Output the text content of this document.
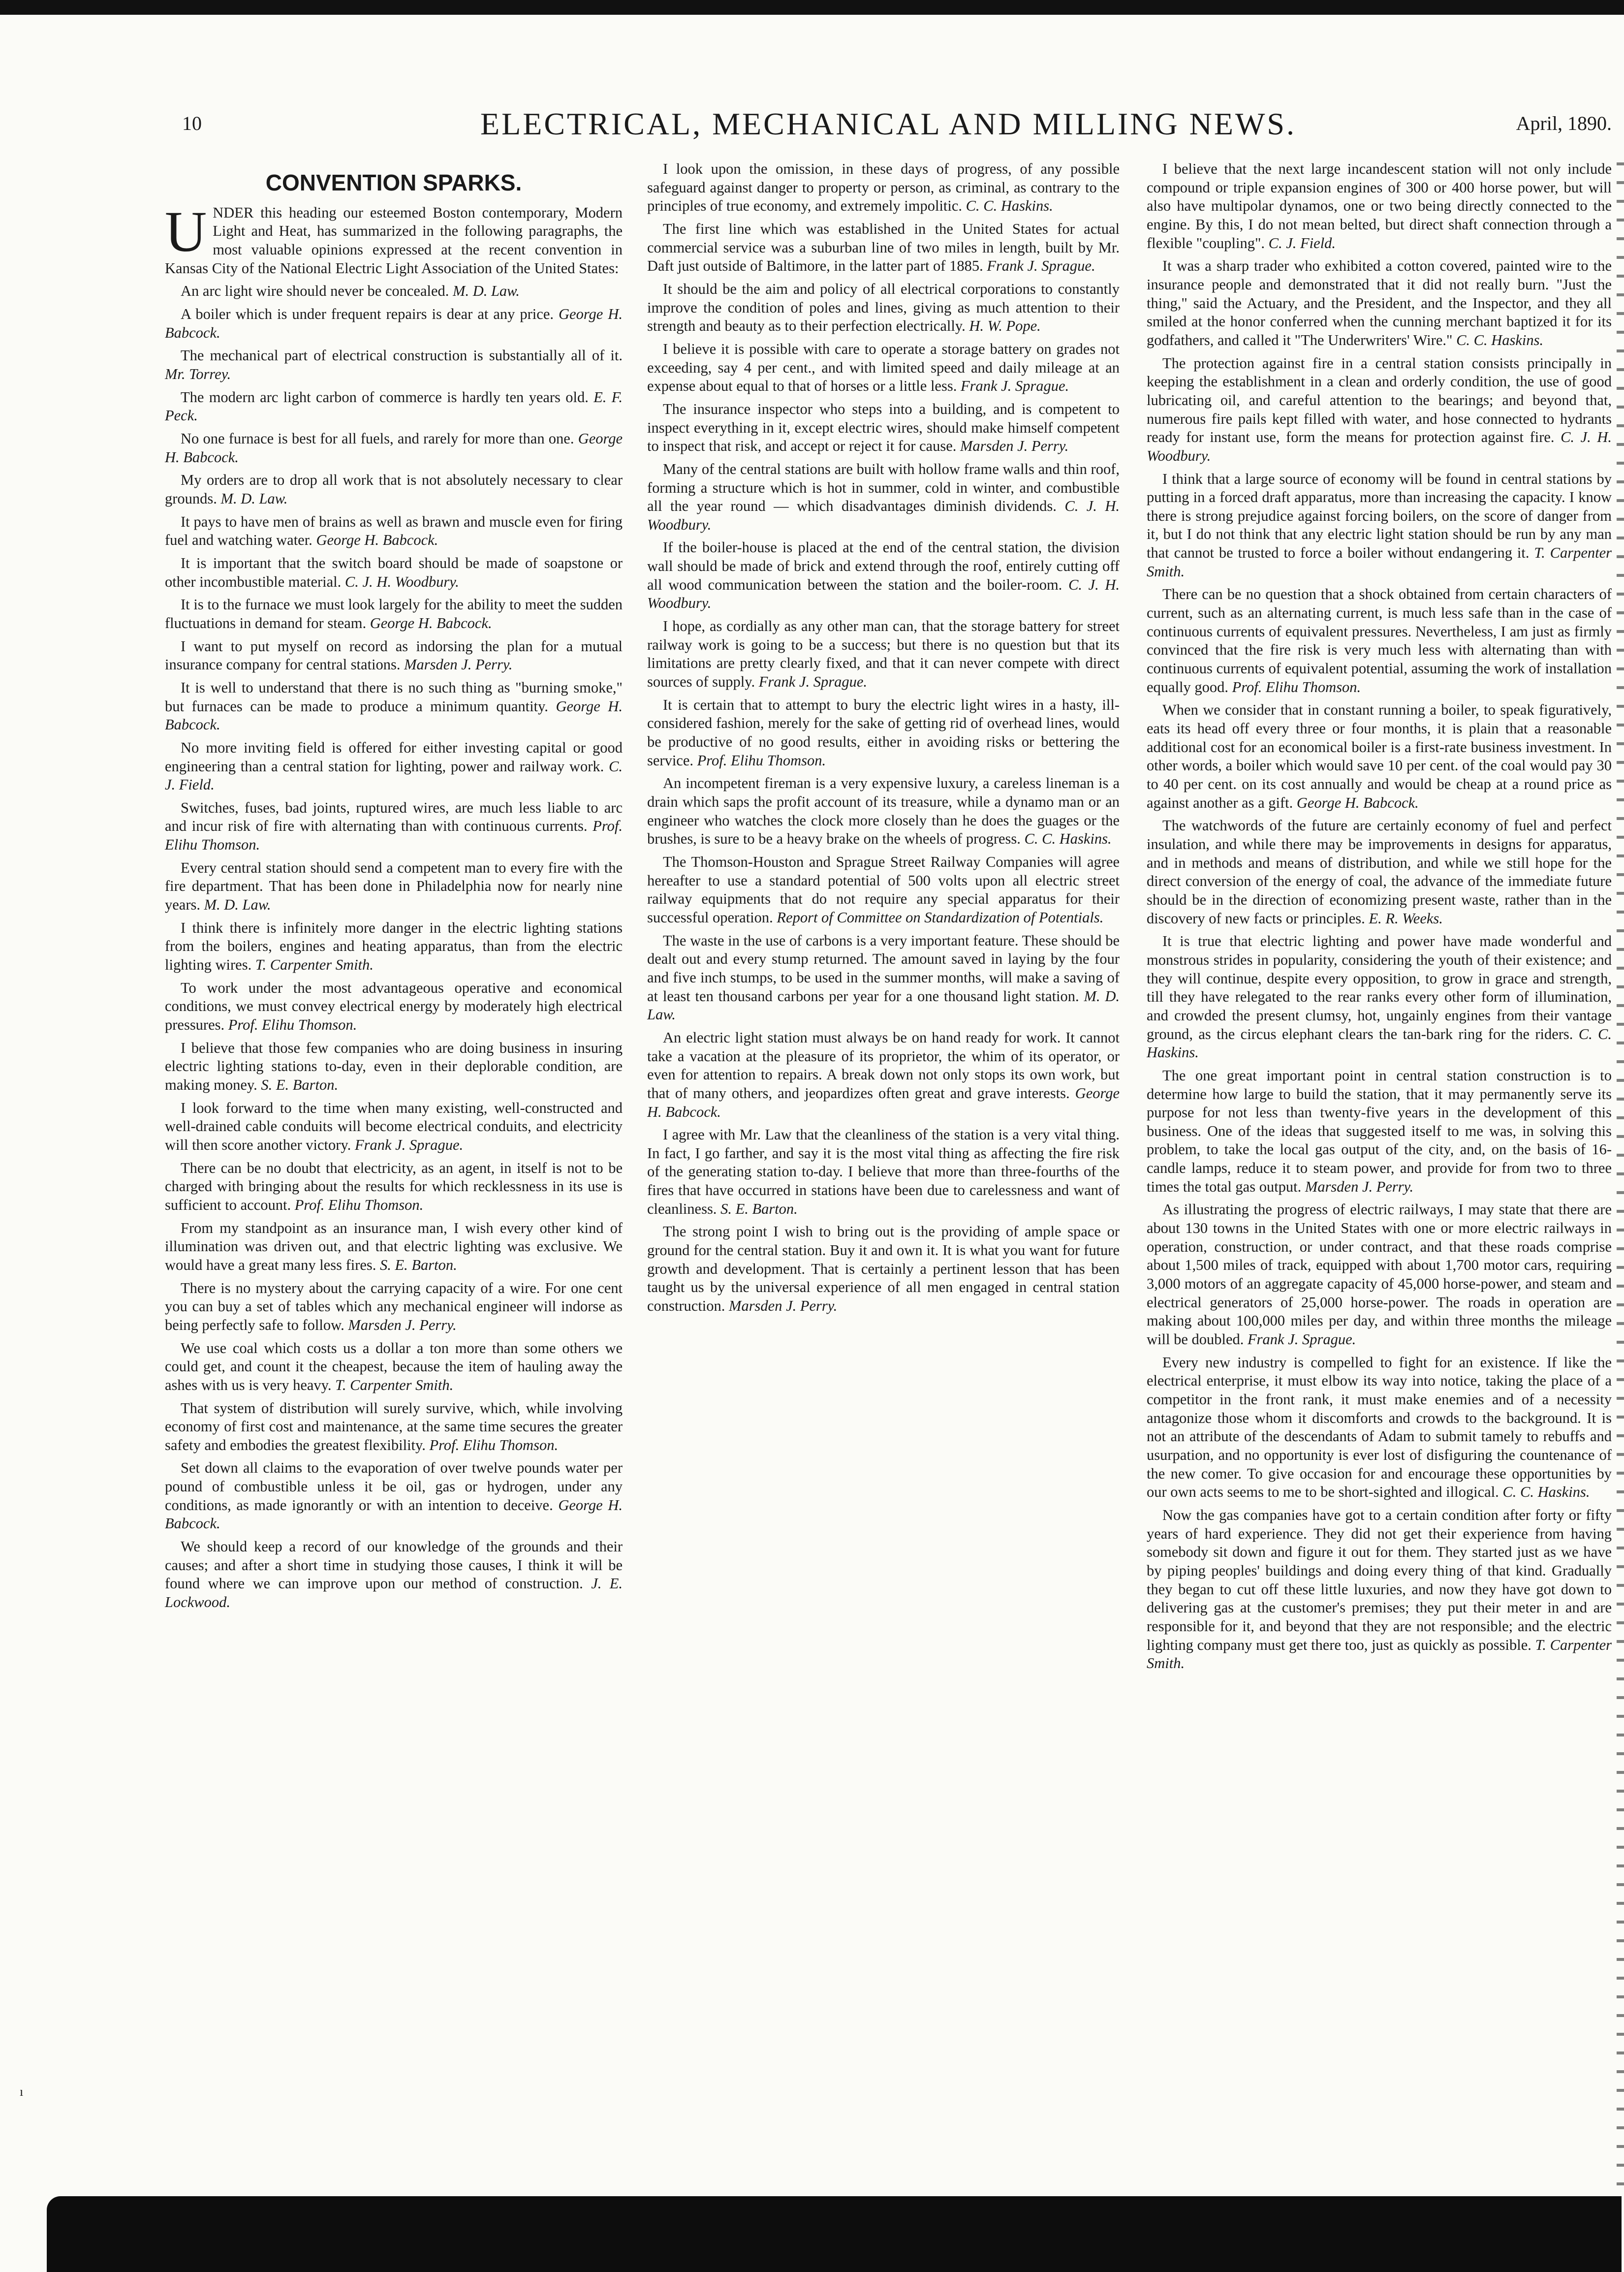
10	ELECTRICAL, MECHANICAL AND MILLING NEWS.	April, 1890.
CONVENTION SPARKS.

UNDER this heading our esteemed Boston contemporary, Modern Light and Heat, has summarized in the following paragraphs, the most valuable opinions expressed at the recent convention in Kansas City of the National Electric Light Association of the United States:

An arc light wire should never be concealed. M. D. Law.

A boiler which is under frequent repairs is dear at any price. George H. Babcock.

The mechanical part of electrical construction is substantially all of it. Mr. Torrey.

The modern arc light carbon of commerce is hardly ten years old. E. F. Peck.

No one furnace is best for all fuels, and rarely for more than one. George H. Babcock.

My orders are to drop all work that is not absolutely necessary to clear grounds. M. D. Law.

It pays to have men of brains as well as brawn and muscle even for firing fuel and watching water. George H. Babcock.

It is important that the switch board should be made of soapstone or other incombustible material. C. J. H. Woodbury.

It is to the furnace we must look largely for the ability to meet the sudden fluctuations in demand for steam. George H. Babcock.

I want to put myself on record as indorsing the plan for a mutual insurance company for central stations. Marsden J. Perry.

It is well to understand that there is no such thing as "burning smoke," but furnaces can be made to produce a minimum quantity. George H. Babcock.

No more inviting field is offered for either investing capital or good engineering than a central station for lighting, power and railway work. C. J. Field.

Switches, fuses, bad joints, ruptured wires, are much less liable to arc and incur risk of fire with alternating than with continuous currents. Prof. Elihu Thomson.

Every central station should send a competent man to every fire with the fire department. That has been done in Philadelphia now for nearly nine years. M. D. Law.

I think there is infinitely more danger in the electric lighting stations from the boilers, engines and heating apparatus, than from the electric lighting wires. T. Carpenter Smith.

To work under the most advantageous operative and economical conditions, we must convey electrical energy by moderately high electrical pressures. Prof. Elihu Thomson.

I believe that those few companies who are doing business in insuring electric lighting stations to-day, even in their deplorable condition, are making money. S. E. Barton.

I look forward to the time when many existing, well-constructed and well-drained cable conduits will become electrical conduits, and electricity will then score another victory. Frank J. Sprague.

There can be no doubt that electricity, as an agent, in itself is not to be charged with bringing about the results for which recklessness in its use is sufficient to account. Prof. Elihu Thomson.

From my standpoint as an insurance man, I wish every other kind of illumination was driven out, and that electric lighting was exclusive. We would have a great many less fires. S. E. Barton.

There is no mystery about the carrying capacity of a wire. For one cent you can buy a set of tables which any mechanical engineer will indorse as being perfectly safe to follow. Marsden J. Perry.

We use coal which costs us a dollar a ton more than some others we could get, and count it the cheapest, because the item of hauling away the ashes with us is very heavy. T. Carpenter Smith.

That system of distribution will surely survive, which, while involving economy of first cost and maintenance, at the same time secures the greater safety and embodies the greatest flexibility. Prof. Elihu Thomson.

Set down all claims to the evaporation of over twelve pounds water per pound of combustible unless it be oil, gas or hydrogen, under any conditions, as made ignorantly or with an intention to deceive. George H. Babcock.

We should keep a record of our knowledge of the grounds and their causes; and after a short time in studying those causes, I think it will be found where we can improve upon our method of construction. J. E. Lockwood.

I look upon the omission, in these days of progress, of any possible safeguard against danger to property or person, as criminal, as contrary to the principles of true economy, and extremely impolitic. C. C. Haskins.

The first line which was established in the United States for actual commercial service was a suburban line of two miles in length, built by Mr. Daft just outside of Baltimore, in the latter part of 1885. Frank J. Sprague.

It should be the aim and policy of all electrical corporations to constantly improve the condition of poles and lines, giving as much attention to their strength and beauty as to their perfection electrically. H. W. Pope.

I believe it is possible with care to operate a storage battery on grades not exceeding, say 4 per cent., and with limited speed and daily mileage at an expense about equal to that of horses or a little less. Frank J. Sprague.

The insurance inspector who steps into a building, and is competent to inspect everything in it, except electric wires, should make himself competent to inspect that risk, and accept or reject it for cause. Marsden J. Perry.

Many of the central stations are built with hollow frame walls and thin roof, forming a structure which is hot in summer, cold in winter, and combustible all the year round — which disadvantages diminish dividends. C. J. H. Woodbury.

If the boiler-house is placed at the end of the central station, the division wall should be made of brick and extend through the roof, entirely cutting off all wood communication between the station and the boiler-room. C. J. H. Woodbury.

I hope, as cordially as any other man can, that the storage battery for street railway work is going to be a success; but there is no question but that its limitations are pretty clearly fixed, and that it can never compete with direct sources of supply. Frank J. Sprague.

It is certain that to attempt to bury the electric light wires in a hasty, ill-considered fashion, merely for the sake of getting rid of overhead lines, would be productive of no good results, either in avoiding risks or bettering the service. Prof. Elihu Thomson.

An incompetent fireman is a very expensive luxury, a careless lineman is a drain which saps the profit account of its treasure, while a dynamo man or an engineer who watches the clock more closely than he does the guages or the brushes, is sure to be a heavy brake on the wheels of progress. C. C. Haskins.

The Thomson-Houston and Sprague Street Railway Companies will agree hereafter to use a standard potential of 500 volts upon all electric street railway equipments that do not require any special apparatus for their successful operation. Report of Committee on Standardization of Potentials.

The waste in the use of carbons is a very important feature. These should be dealt out and every stump returned. The amount saved in laying by the four and five inch stumps, to be used in the summer months, will make a saving of at least ten thousand carbons per year for a one thousand light station. M. D. Law.

An electric light station must always be on hand ready for work. It cannot take a vacation at the pleasure of its proprietor, the whim of its operator, or even for attention to repairs. A break down not only stops its own work, but that of many others, and jeopardizes often great and grave interests. George H. Babcock.

I agree with Mr. Law that the cleanliness of the station is a very vital thing. In fact, I go farther, and say it is the most vital thing as affecting the fire risk of the generating station to-day. I believe that more than three-fourths of the fires that have occurred in stations have been due to carelessness and want of cleanliness. S. E. Barton.

The strong point I wish to bring out is the providing of ample space or ground for the central station. Buy it and own it. It is what you want for future growth and development. That is certainly a pertinent lesson that has been taught us by the universal experience of all men engaged in central station construction. Marsden J. Perry.

I believe that the next large incandescent station will not only include compound or triple expansion engines of 300 or 400 horse power, but will also have multipolar dynamos, one or two being directly connected to the engine. By this, I do not mean belted, but direct shaft connection through a flexible "coupling". C. J. Field.

It was a sharp trader who exhibited a cotton covered, painted wire to the insurance people and demonstrated that it did not really burn. "Just the thing," said the Actuary, and the President, and the Inspector, and they all smiled at the honor conferred when the cunning merchant baptized it for its godfathers, and called it "The Underwriters' Wire." C. C. Haskins.

The protection against fire in a central station consists principally in keeping the establishment in a clean and orderly condition, the use of good lubricating oil, and careful attention to the bearings; and beyond that, numerous fire pails kept filled with water, and hose connected to hydrants ready for instant use, form the means for protection against fire. C. J. H. Woodbury.

I think that a large source of economy will be found in central stations by putting in a forced draft apparatus, more than increasing the capacity. I know there is strong prejudice against forcing boilers, on the score of danger from it, but I do not think that any electric light station should be run by any man that cannot be trusted to force a boiler without endangering it. T. Carpenter Smith.

There can be no question that a shock obtained from certain characters of current, such as an alternating current, is much less safe than in the case of continuous currents of equivalent pressures. Nevertheless, I am just as firmly convinced that the fire risk is very much less with alternating than with continuous currents of equivalent potential, assuming the work of installation equally good. Prof. Elihu Thomson.

When we consider that in constant running a boiler, to speak figuratively, eats its head off every three or four months, it is plain that a reasonable additional cost for an economical boiler is a first-rate business investment. In other words, a boiler which would save 10 per cent. of the coal would pay 30 to 40 per cent. on its cost annually and would be cheap at a round price as against another as a gift. George H. Babcock.

The watchwords of the future are certainly economy of fuel and perfect insulation, and while there may be improvements in designs for apparatus, and in methods and means of distribution, and while we still hope for the direct conversion of the energy of coal, the advance of the immediate future should be in the direction of economizing present waste, rather than in the discovery of new facts or principles. E. R. Weeks.

It is true that electric lighting and power have made wonderful and monstrous strides in popularity, considering the youth of their existence; and they will continue, despite every opposition, to grow in grace and strength, till they have relegated to the rear ranks every other form of illumination, and crowded the present clumsy, hot, ungainly engines from their vantage ground, as the circus elephant clears the tan-bark ring for the riders. C. C. Haskins.

The one great important point in central station construction is to determine how large to build the station, that it may permanently serve its purpose for not less than twenty-five years in the development of this business. One of the ideas that suggested itself to me was, in solving this problem, to take the local gas output of the city, and, on the basis of 16-candle lamps, reduce it to steam power, and provide for from two to three times the total gas output. Marsden J. Perry.

As illustrating the progress of electric railways, I may state that there are about 130 towns in the United States with one or more electric railways in operation, construction, or under contract, and that these roads comprise about 1,500 miles of track, equipped with about 1,700 motor cars, requiring 3,000 motors of an aggregate capacity of 45,000 horse-power, and steam and electrical generators of 25,000 horse-power. The roads in operation are making about 100,000 miles per day, and within three months the mileage will be doubled. Frank J. Sprague.

Every new industry is compelled to fight for an existence. If like the electrical enterprise, it must elbow its way into notice, taking the place of a competitor in the front rank, it must make enemies and of a necessity antagonize those whom it discomforts and crowds to the background. It is not an attribute of the descendants of Adam to submit tamely to rebuffs and usurpation, and no opportunity is ever lost of disfiguring the countenance of the new comer. To give occasion for and encourage these opportunities by our own acts seems to me to be short-sighted and illogical. C. C. Haskins.

Now the gas companies have got to a certain condition after forty or fifty years of hard experience. They did not get their experience from having somebody sit down and figure it out for them. They started just as we have by piping peoples' buildings and doing every thing of that kind. Gradually they began to cut off these little luxuries, and now they have got down to delivering gas at the customer's premises; they put their meter in and are responsible for it, and beyond that they are not responsible; and the electric lighting company must get there too, just as quickly as possible. T. Carpenter Smith.

ı
